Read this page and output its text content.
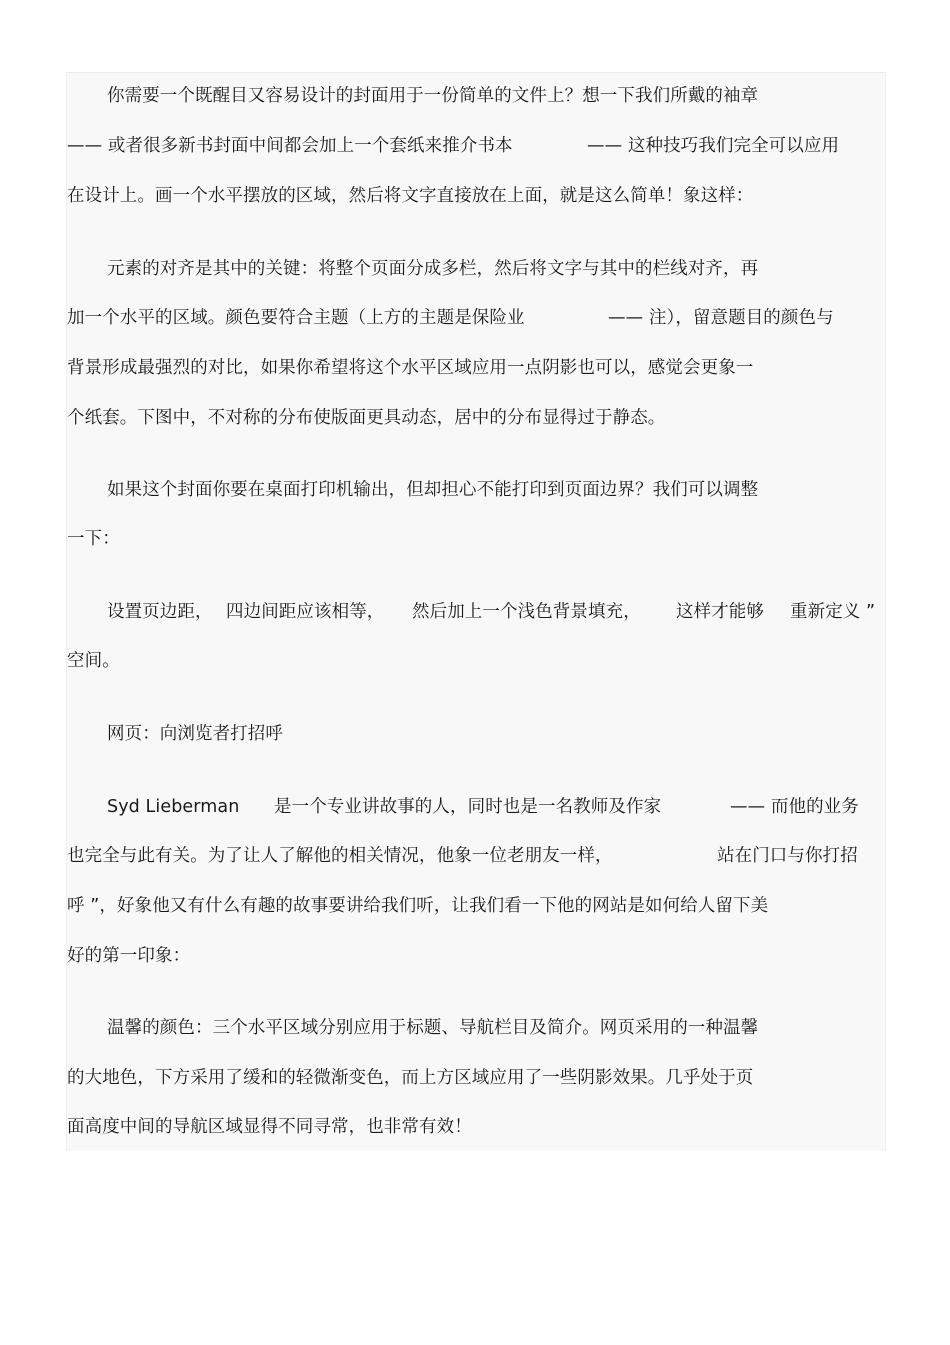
你需要一个既醒目又容易设计的封面用于一份简单的文件上？想一下我们所戴的袖章
—— 或者很多新书封面中间都会加上一个套纸来推介书本	—— 这种技巧我们完全可以应用
在设计上。画一个水平摆放的区域，然后将文字直接放在上面，就是这么简单！象这样：
元素的对齐是其中的关键：将整个页面分成多栏，然后将文字与其中的栏线对齐，再
加一个水平的区域。颜色要符合主题（上方的主题是保险业	—— 注），留意题目的颜色与
背景形成最强烈的对比，如果你希望将这个水平区域应用一点阴影也可以，感觉会更象一
个纸套。下图中，不对称的分布使版面更具动态，居中的分布显得过于静态。
如果这个封面你要在桌面打印机输出，但却担心不能打印到页面边界？我们可以调整
一下：
设置页边距， 四边间距应该相等， 然后加上一个浅色背景填充， 这样才能够 重新定义 ”
空间。
网页：向浏览者打招呼
Syd Lieberman 是一个专业讲故事的人，同时也是一名教师及作家	—— 而他的业务
也完全与此有关。为了让人了解他的相关情况，他象一位老朋友一样，	站在门口与你打招
呼 ”，好象他又有什么有趣的故事要讲给我们听，让我们看一下他的网站是如何给人留下美
好的第一印象：
温馨的颜色：三个水平区域分别应用于标题、导航栏目及简介。网页采用的一种温馨
的大地色，下方采用了缓和的轻微渐变色，而上方区域应用了一些阴影效果。几乎处于页
面高度中间的导航区域显得不同寻常，也非常有效！
